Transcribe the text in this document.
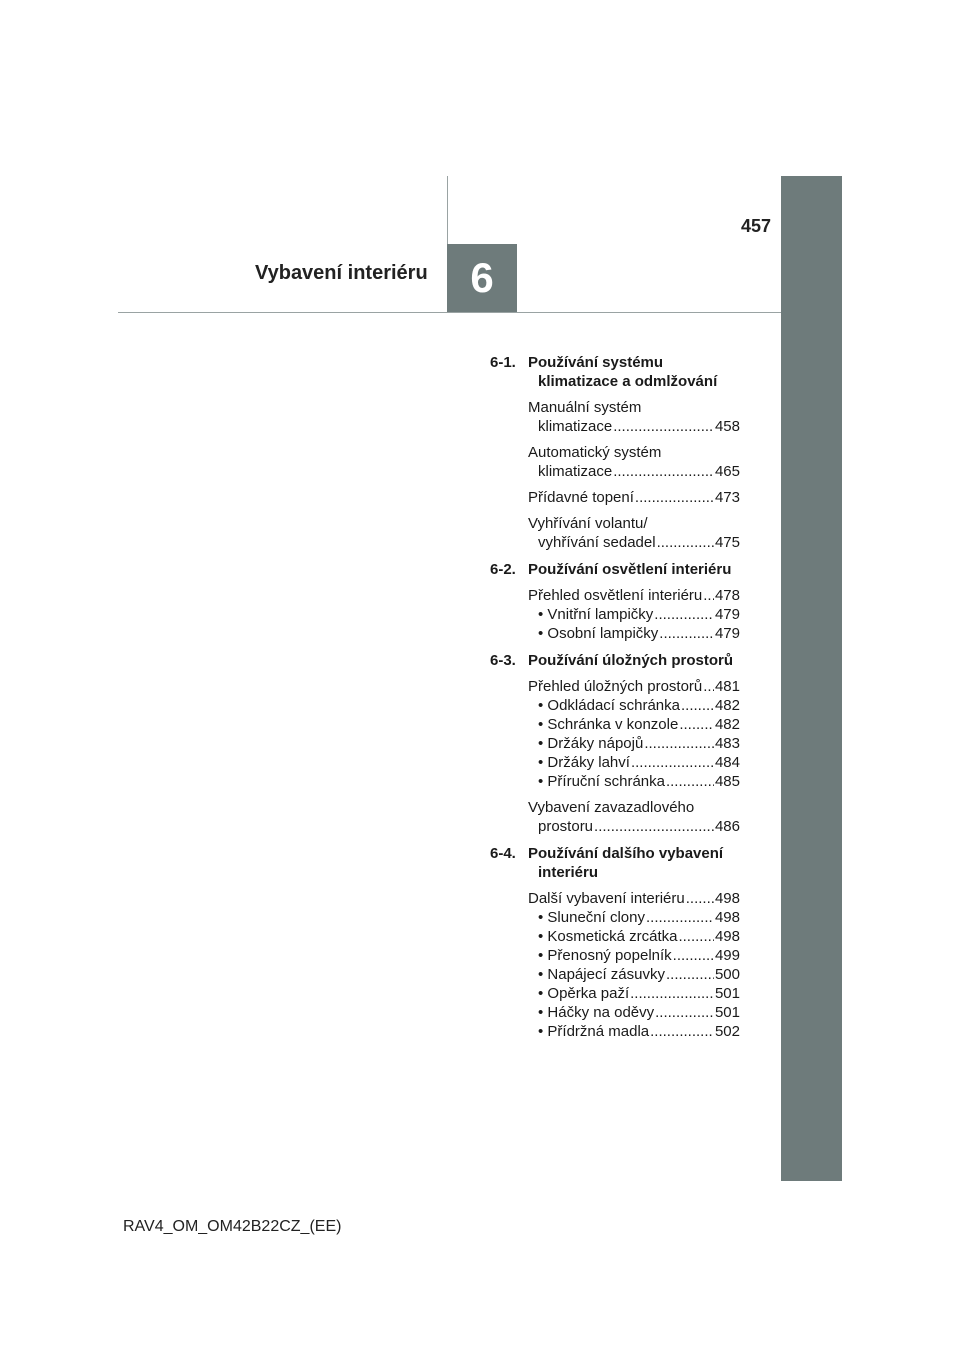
457
Vybavení interiéru 6
6-1. Používání systému
klimatizace a odmlžování
Manuální systém
klimatizace .....	458
Automatický systém
klimatizace .....	465
Přídavné topení .....	473
Vyhřívání volantu/
vyhřívání sedadel .....	475
6-2. Používání osvětlení interiéru
Přehled osvětlení interiéru ..... 478
• Vnitřní lampičky .....	479
• Osobní lampičky .....	479
6-3. Používání úložných prostorů
Přehled úložných prostorů ..... 481
• Odkládací schránka ..... 482
• Schránka v konzole ..... 482
• Držáky nápojů .....	483
• Držáky lahví .....	484
• Příruční schránka .....	485
Vybavení zavazadlového
prostoru .....	486
6-4. Používání dalšího vybavení
interiéru
Další vybavení interiéru ..... 498
• Sluneční clony .....	498
• Kosmetická zrcátka .....	498
• Přenosný popelník .....	499
• Napájecí zásuvky .....	500
• Opěrka paží .....	501
• Háčky na oděvy .....	501
• Přídržná madla .....	502
RAV4_OM_OM42B22CZ_(EE)
